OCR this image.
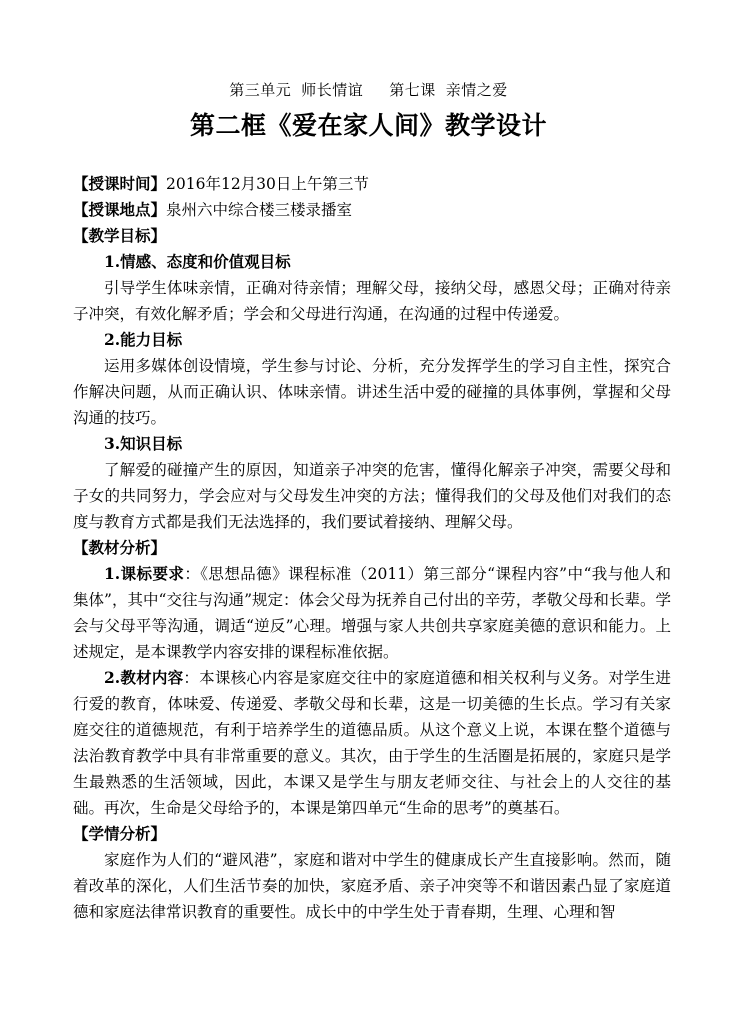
第三单元 师长情谊 第七课 亲情之爱
第二框《爱在家人间》教学设计

【授课时间】2016年12月30日上午第三节

【授课地点】泉州六中综合楼三楼录播室

【教学目标】

1.情感、态度和价值观目标

引导学生体味亲情，正确对待亲情；理解父母，接纳父母，感恩父母；正确对待亲子冲突，有效化解矛盾；学会和父母进行沟通，在沟通的过程中传递爱。

2.能力目标

运用多媒体创设情境，学生参与讨论、分析，充分发挥学生的学习自主性，探究合作解决问题，从而正确认识、体味亲情。讲述生活中爱的碰撞的具体事例，掌握和父母沟通的技巧。

3.知识目标

了解爱的碰撞产生的原因，知道亲子冲突的危害，懂得化解亲子冲突，需要父母和子女的共同努力，学会应对与父母发生冲突的方法；懂得我们的父母及他们对我们的态度与教育方式都是我们无法选择的，我们要试着接纳、理解父母。

【教材分析】

1.课标要求：《思想品德》课程标准（2011）第三部分“课程内容”中“我与他人和集体”，其中“交往与沟通”规定：体会父母为抚养自己付出的辛劳，孝敬父母和长辈。学会与父母平等沟通，调适“逆反”心理。增强与家人共创共享家庭美德的意识和能力。上述规定，是本课教学内容安排的课程标准依据。

2.教材内容：本课核心内容是家庭交往中的家庭道德和相关权利与义务。对学生进行爱的教育，体味爱、传递爱、孝敬父母和长辈，这是一切美德的生长点。学习有关家庭交往的道德规范，有利于培养学生的道德品质。从这个意义上说，本课在整个道德与法治教育教学中具有非常重要的意义。其次，由于学生的生活圈是拓展的，家庭只是学生最熟悉的生活领域，因此，本课又是学生与朋友老师交往、与社会上的人交往的基础。再次，生命是父母给予的，本课是第四单元“生命的思考”的奠基石。

【学情分析】

家庭作为人们的“避风港”，家庭和谐对中学生的健康成长产生直接影响。然而，随着改革的深化，人们生活节奏的加快，家庭矛盾、亲子冲突等不和谐因素凸显了家庭道德和家庭法律常识教育的重要性。成长中的中学生处于青春期，生理、心理和智
